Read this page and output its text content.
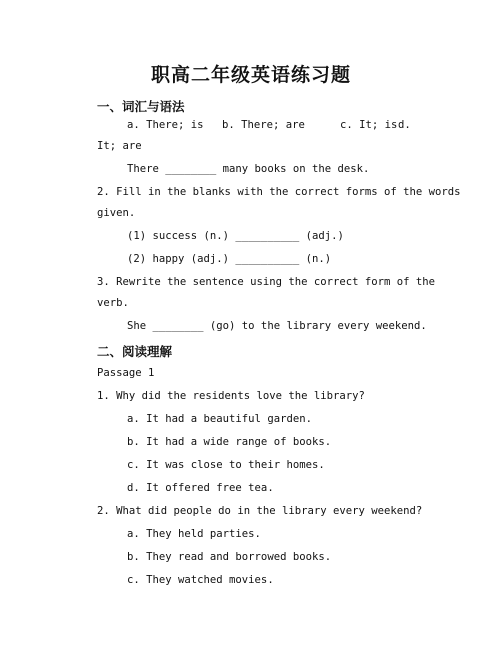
职高二年级英语练习题
一、词汇与语法
a. There; is b. There; are	c. It; is d.
It; are
There ________ many books on the desk.
2. Fill in the blanks with the correct forms of the words
given.
(1) success (n.) __________ (adj.)
(2) happy (adj.) __________ (n.)
3. Rewrite the sentence using the correct form of the
verb.
She ________ (go) to the library every weekend.
二、阅读理解
Passage 1
1. Why did the residents love the library?
a. It had a beautiful garden.
b. It had a wide range of books.
c. It was close to their homes.
d. It offered free tea.
2. What did people do in the library every weekend?
a. They held parties.
b. They read and borrowed books.
c. They watched movies.
